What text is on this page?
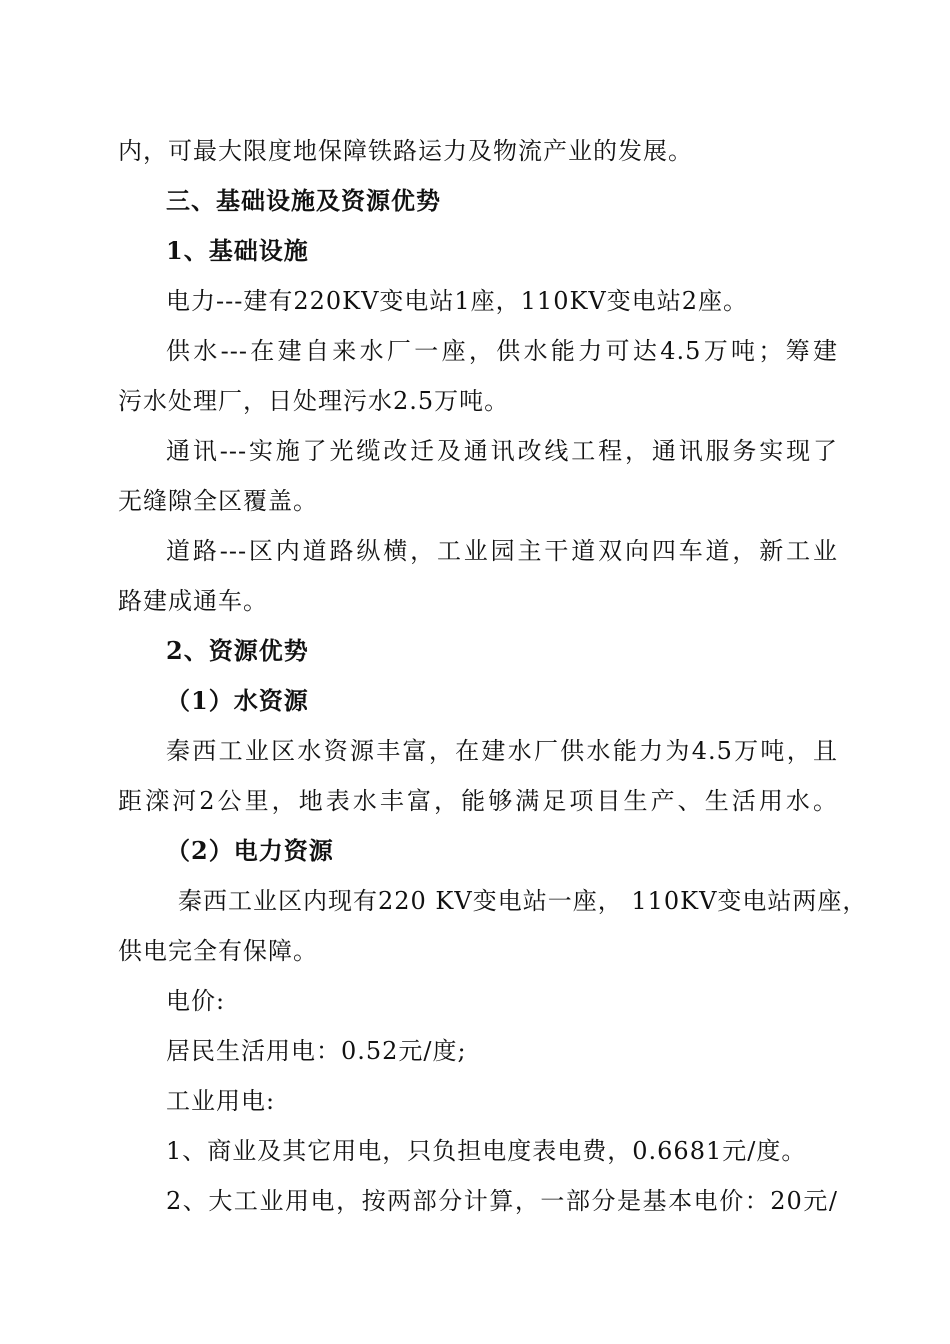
内，可最大限度地保障铁路运力及物流产业的发展。
三、基础设施及资源优势
1、基础设施
电力---建有220KV变电站1座，110KV变电站2座。
供水---在建自来水厂一座，供水能力可达4.5万吨；筹建
污水处理厂，日处理污水2.5万吨。
通讯---实施了光缆改迁及通讯改线工程，通讯服务实现了
无缝隙全区覆盖。
道路---区内道路纵横，工业园主干道双向四车道，新工业
路建成通车。
2、资源优势
（1）水资源
秦西工业区水资源丰富，在建水厂供水能力为4.5万吨，且
距滦河2公里，地表水丰富，能够满足项目生产、生活用水。
（2）电力资源
秦西工业区内现有220 KV变电站一座， 110KV变电站两座，
供电完全有保障。
电价:
居民生活用电：0.52元/度;
工业用电:
1、商业及其它用电，只负担电度表电费，0.6681元/度。
2、大工业用电，按两部分计算，一部分是基本电价：20元/
